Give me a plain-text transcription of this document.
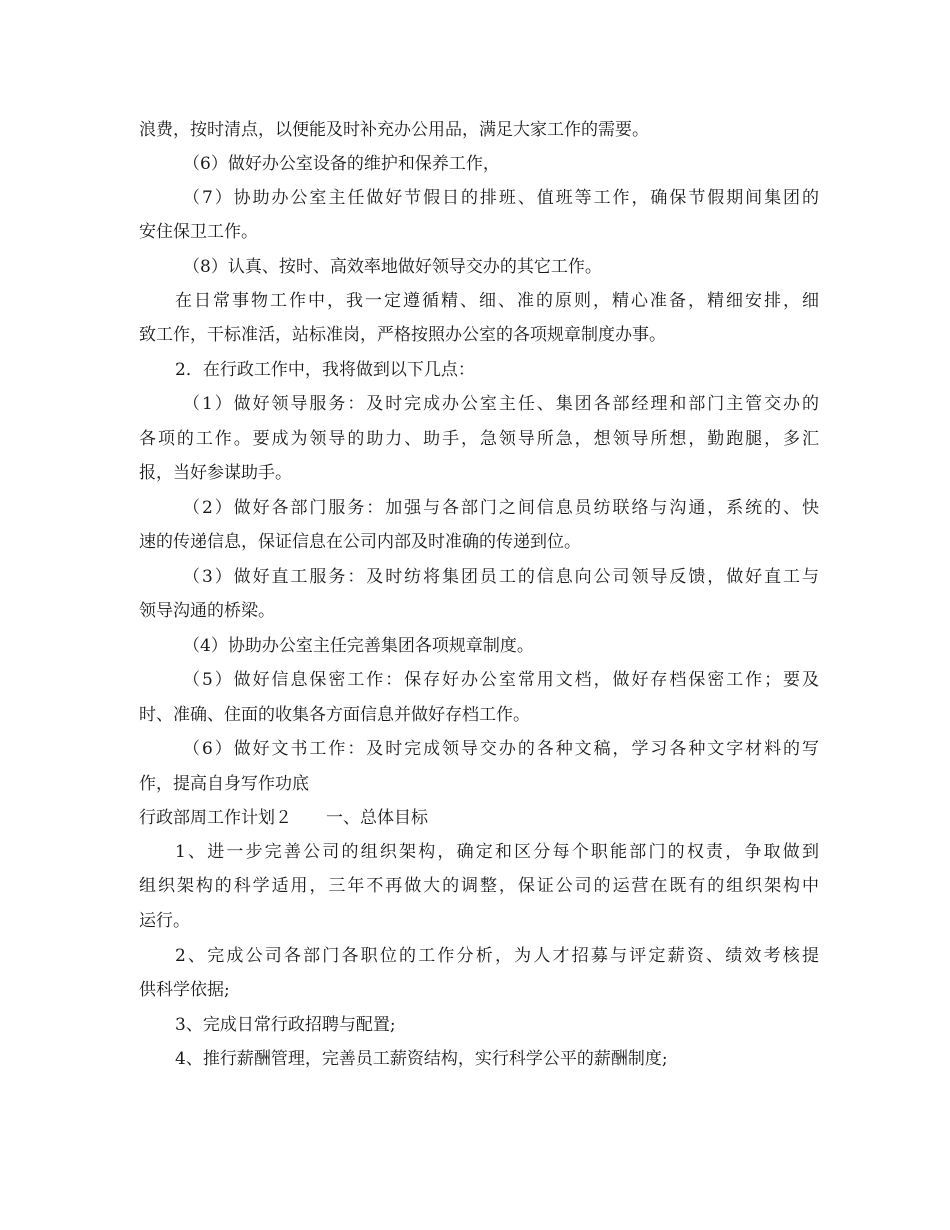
浪费，按时清点，以便能及时补充办公用品，满足大家工作的需要。
（6）做好办公室设备的维护和保养工作，
（7）协助办公室主任做好节假日的排班、值班等工作，确保节假期间集团的
安住保卫工作。
（8）认真、按时、高效率地做好领导交办的其它工作。
在日常事物工作中，我一定遵循精、细、准的原则，精心准备，精细安排，细
致工作，干标准活，站标准岗，严格按照办公室的各项规章制度办事。
2．在行政工作中，我将做到以下几点：
（1）做好领导服务：及时完成办公室主任、集团各部经理和部门主管交办的
各项的工作。要成为领导的助力、助手，急领导所急，想领导所想，勤跑腿，多汇
报，当好参谋助手。
（2）做好各部门服务：加强与各部门之间信息员纺联络与沟通，系统的、快
速的传递信息，保证信息在公司内部及时准确的传递到位。
（3）做好直工服务：及时纺将集团员工的信息向公司领导反馈，做好直工与
领导沟通的桥梁。
（4）协助办公室主任完善集团各项规章制度。
（5）做好信息保密工作：保存好办公室常用文档，做好存档保密工作；要及
时、准确、住面的收集各方面信息并做好存档工作。
（6）做好文书工作：及时完成领导交办的各种文稿，学习各种文字材料的写
作，提高自身写作功底
行政部周工作计划２　　一、总体目标
1、进一步完善公司的组织架构，确定和区分每个职能部门的权责，争取做到
组织架构的科学适用，三年不再做大的调整，保证公司的运营在既有的组织架构中
运行。
2、完成公司各部门各职位的工作分析，为人才招募与评定薪资、绩效考核提
供科学依据;
3、完成日常行政招聘与配置;
4、推行薪酬管理，完善员工薪资结构，实行科学公平的薪酬制度;
